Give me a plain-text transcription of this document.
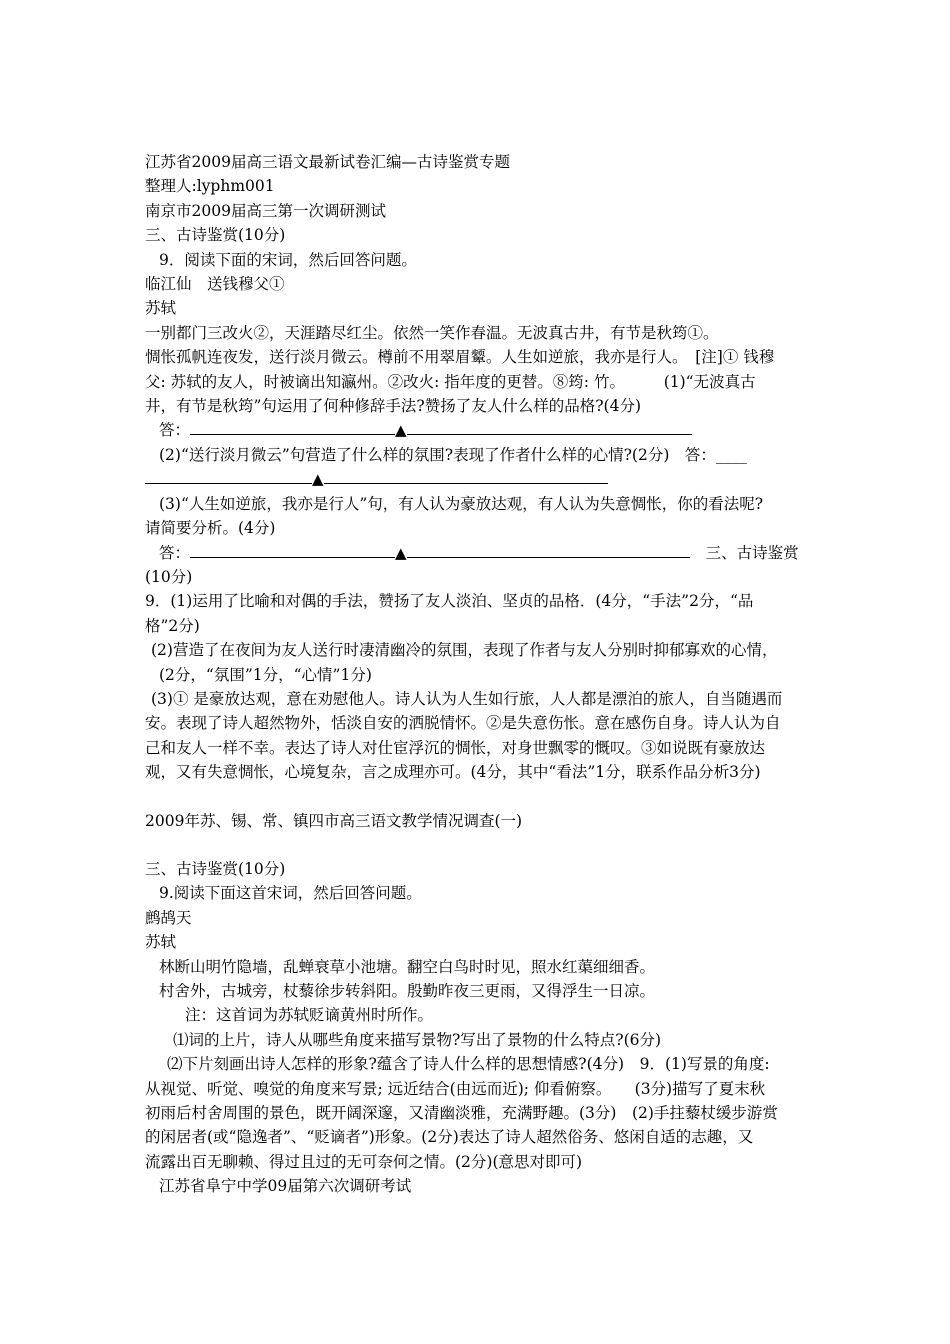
江苏省2009届高三语文最新试卷汇编—古诗鉴赏专题
整理人:lyphm001
南京市2009届高三第一次调研测试
三、古诗鉴赏(10分)
9．阅读下面的宋词，然后回答问题。
临江仙　送钱穆父①
苏轼
一别都门三改火②，天涯踏尽红尘。依然一笑作春温。无波真古井，有节是秋筠①。
惆怅孤帆连夜发，送行淡月微云。樽前不用翠眉颦。人生如逆旅，我亦是行人。　[注]① 钱穆
父: 苏轼的友人，时被谪出知瀛州。②改火: 指年度的更替。⑧筠: 竹。　　　(1)“无波真古
井，有节是秋筠”句运用了何种修辞手法?赞扬了友人什么样的品格?(4分)
答：	▲
(2)“送行淡月微云”句营造了什么样的氛围?表现了作者什么样的心情?(2分)　答：____
▲
(3)“人生如逆旅，我亦是行人”句，有人认为豪放达观，有人认为失意惆怅，你的看法呢?
请简要分析。(4分)
答：	▲	三、古诗鉴赏
(10分)
9．(1)运用了比喻和对偶的手法，赞扬了友人淡泊、坚贞的品格．(4分，“手法”2分，“品
格”2分)
(2)营造了在夜间为友人送行时凄清幽冷的氛围，表现了作者与友人分别时抑郁寡欢的心情，
(2分，“氛围”1分，“心情”1分)
(3)① 是豪放达观，意在劝慰他人。诗人认为人生如行旅，人人都是漂泊的旅人，自当随遇而
安。表现了诗人超然物外，恬淡自安的洒脱情怀。②是失意伤怅。意在感伤自身。诗人认为自
己和友人一样不幸。表达了诗人对仕宦浮沉的惆怅，对身世飘零的慨叹。③如说既有豪放达
观，又有失意惆怅，心境复杂，言之成理亦可。(4分，其中“看法”1分，联系作品分析3分)
2009年苏、锡、常、镇四市高三语文教学情况调查(一)
三、古诗鉴赏(10分)
9.阅读下面这首宋词，然后回答问题。
鹧鸪天
苏轼
林断山明竹隐墙，乱蝉衰草小池塘。翻空白鸟时时见，照水红蕖细细香。
村舍外，古城旁，杖藜徐步转斜阳。殷勤昨夜三更雨，又得浮生一日凉。
注：这首词为苏轼贬谪黄州时所作。
⑴词的上片，诗人从哪些角度来描写景物?写出了景物的什么特点?(6分)
⑵下片刻画出诗人怎样的形象?蕴含了诗人什么样的思想情感?(4分)　9．(1)写景的角度:
从视觉、听觉、嗅觉的角度来写景; 远近结合(由远而近); 仰看俯察。　　(3分)描写了夏末秋
初雨后村舍周围的景色，既开阔深邃，又清幽淡雅，充满野趣。(3分)　(2)手拄藜杖缓步游赏
的闲居者(或“隐逸者”、“贬谪者”)形象。(2分)表达了诗人超然俗务、悠闲自适的志趣，又
流露出百无聊赖、得过且过的无可奈何之情。(2分)(意思对即可)
江苏省阜宁中学09届第六次调研考试
